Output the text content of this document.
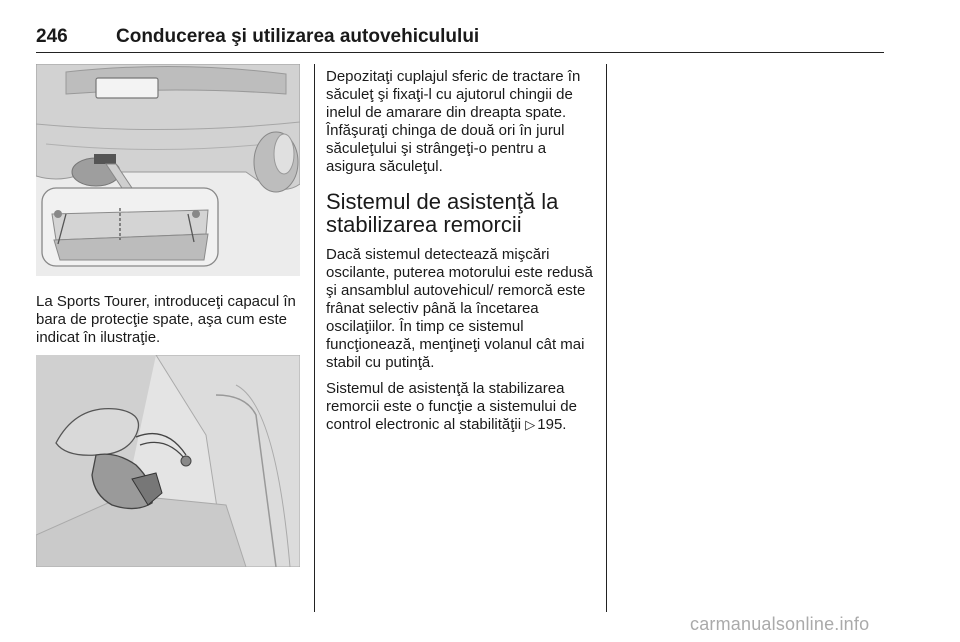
246	Conducerea şi utilizarea autovehiculului
La Sports Tourer, introduceţi capacul în bara de protecţie spate, aşa cum este indicat în ilustraţie.

Depozitaţi cuplajul sferic de tractare în săculeţ şi fixaţi-l cu ajutorul chingii de inelul de amarare din dreapta spate. Înfăşuraţi chinga de două ori în jurul săculeţului şi strângeţi-o pentru a asigura săculeţul.

Sistemul de asistenţă la stabilizarea remorcii

Dacă sistemul detectează mişcări oscilante, puterea motorului este redusă şi ansamblul autovehicul/ remorcă este frânat selectiv până la încetarea oscilaţiilor. În timp ce sistemul funcţionează, menţineţi volanul cât mai stabil cu putinţă.

Sistemul de asistenţă la stabilizarea remorcii este o funcţie a sistemului de control electronic al stabilităţii ▷ 195.

carmanualsonline.info
